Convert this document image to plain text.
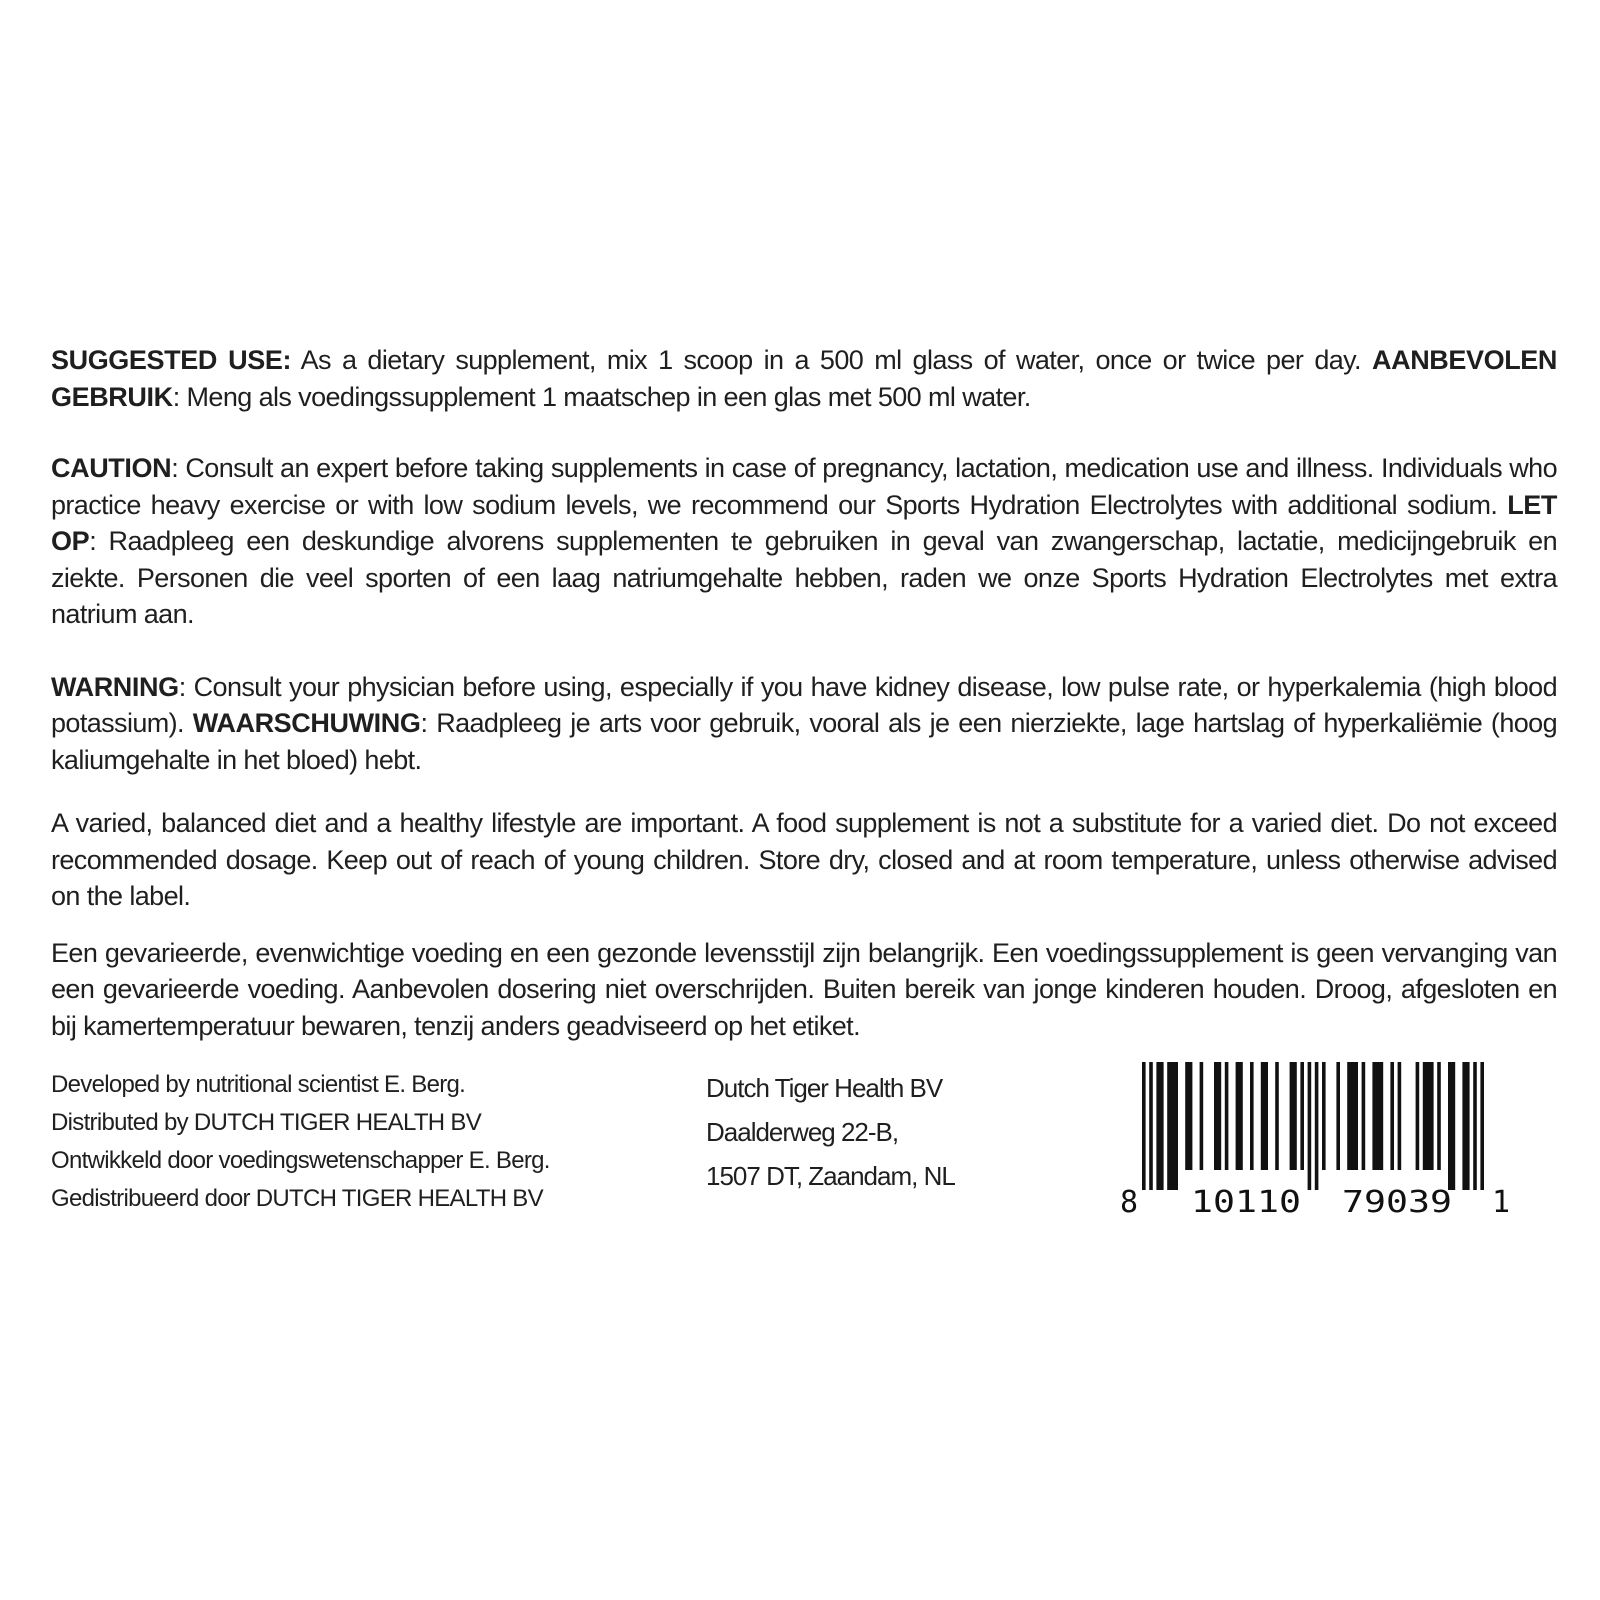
SUGGESTED USE: As a dietary supplement, mix 1 scoop in a 500 ml glass of water, once or twice per day. AANBEVOLEN GEBRUIK: Meng als voedingssupplement 1 maatschep in een glas met 500 ml water.

CAUTION: Consult an expert before taking supplements in case of pregnancy, lactation, medication use and illness. Individuals who practice heavy exercise or with low sodium levels, we recommend our Sports Hydration Electrolytes with additional sodium. LET OP: Raadpleeg een deskundige alvorens supplementen te gebruiken in geval van zwangerschap, lactatie, medicijngebruik en ziekte. Personen die veel sporten of een laag natriumgehalte hebben, raden we onze Sports Hydration Electrolytes met extra natrium aan.

WARNING: Consult your physician before using, especially if you have kidney disease, low pulse rate, or hyperkalemia (high blood potassium). WAARSCHUWING: Raadpleeg je arts voor gebruik, vooral als je een nierziekte, lage hartslag of hyperkaliëmie (hoog kaliumgehalte in het bloed) hebt.

A varied, balanced diet and a healthy lifestyle are important. A food supplement is not a substitute for a varied diet. Do not exceed recommended dosage. Keep out of reach of young children. Store dry, closed and at room temperature, unless otherwise advised on the label.

Een gevarieerde, evenwichtige voeding en een gezonde levensstijl zijn belangrijk. Een voedingssupplement is geen vervanging van een gevarieerde voeding. Aanbevolen dosering niet overschrijden. Buiten bereik van jonge kinderen houden. Droog, afgesloten en bij kamertemperatuur bewaren, tenzij anders geadviseerd op het etiket.

Developed by nutritional scientist E. Berg.
Distributed by DUTCH TIGER HEALTH BV
Ontwikkeld door voedingswetenschapper E. Berg.
Gedistribueerd door DUTCH TIGER HEALTH BV
Dutch Tiger Health BV
Daalderweg 22-B,
1507 DT, Zaandam, NL
8 10110 79039 1
